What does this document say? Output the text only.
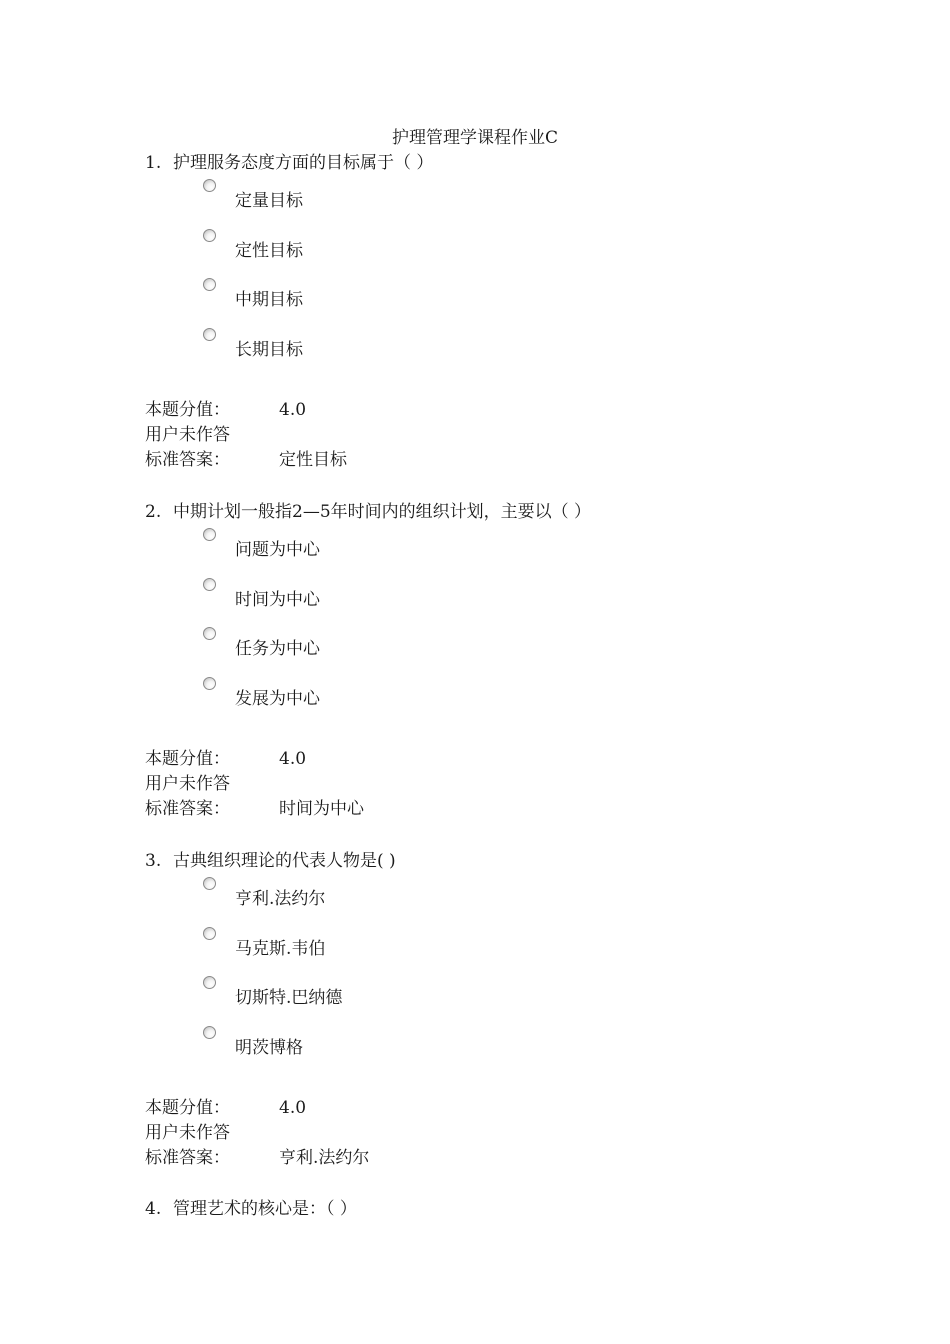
护理管理学课程作业C
1. 护理服务态度方面的目标属于（ ）
定量目标
定性目标
中期目标
长期目标
本题分值：	4.0
用户未作答
标准答案：	定性目标
2. 中期计划一般指2—5年时间内的组织计划，主要以（ ）
问题为中心
时间为中心
任务为中心
发展为中心
本题分值：	4.0
用户未作答
标准答案：	时间为中心
3. 古典组织理论的代表人物是( )
亨利.法约尔
马克斯.韦伯
切斯特.巴纳德
明茨博格
本题分值：	4.0
用户未作答
标准答案：	亨利.法约尔
4. 管理艺术的核心是：（ ）
